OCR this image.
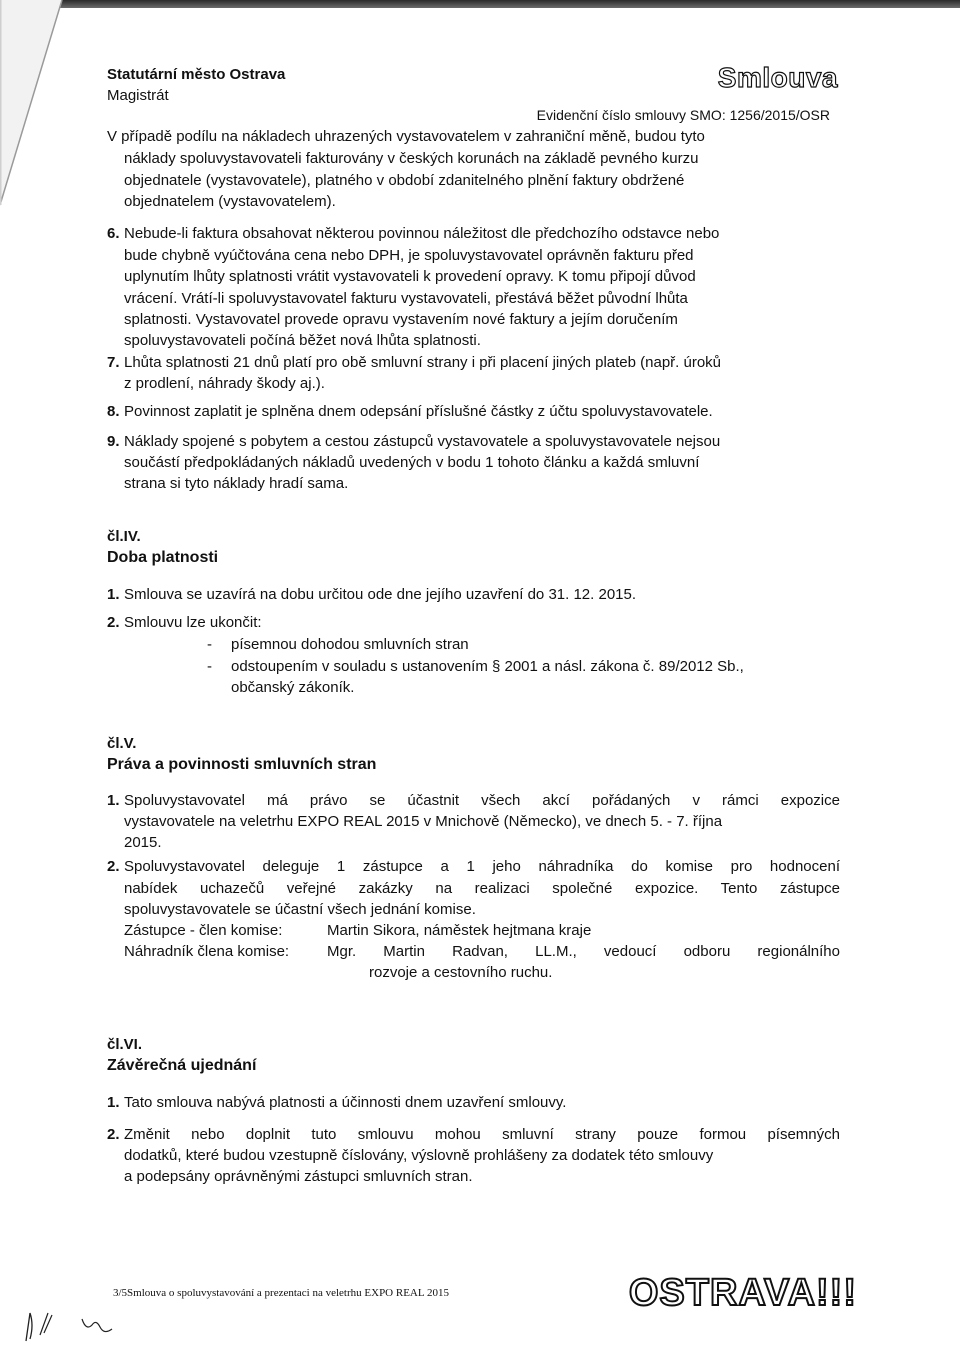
Statutární město Ostrava
Magistrát
Smlouva
Evidenční číslo smlouvy SMO: 1256/2015/OSR
V případě podílu na nákladech uhrazených vystavovatelem v zahraniční měně, budou tyto
náklady spoluvystavovateli fakturovány v českých korunách na základě pevného kurzu
objednatele (vystavovatele), platného v období zdanitelného plnění faktury obdržené
objednatelem (vystavovatelem).
6. Nebude-li faktura obsahovat některou povinnou náležitost dle předchozího odstavce nebo
bude chybně vyúčtována cena nebo DPH, je spoluvystavovatel oprávněn fakturu před
uplynutím lhůty splatnosti vrátit vystavovateli k provedení opravy. K tomu připojí důvod
vrácení. Vrátí-li spoluvystavovatel fakturu vystavovateli, přestává běžet původní lhůta
splatnosti. Vystavovatel provede opravu vystavením nové faktury a jejím doručením
spoluvystavovateli počíná běžet nová lhůta splatnosti.
7. Lhůta splatnosti 21 dnů platí pro obě smluvní strany i při placení jiných plateb (např. úroků
z prodlení, náhrady škody aj.).
8. Povinnost zaplatit je splněna dnem odepsání příslušné částky z účtu spoluvystavovatele.
9. Náklady spojené s pobytem a cestou zástupců vystavovatele a spoluvystavovatele nejsou
součástí předpokládaných nákladů uvedených v bodu 1 tohoto článku a každá smluvní
strana si tyto náklady hradí sama.
čl.IV.
Doba platnosti
1. Smlouva se uzavírá na dobu určitou ode dne jejího uzavření do 31. 12. 2015.
2. Smlouvu lze ukončit:
- písemnou dohodou smluvních stran
- odstoupením v souladu s ustanovením § 2001 a násl. zákona č. 89/2012 Sb.,
občanský zákoník.
čl.V.
Práva a povinnosti smluvních stran
1. Spoluvystavovatel má právo se účastnit všech akcí pořádaných v rámci expozice
vystavovatele na veletrhu EXPO REAL 2015 v Mnichově (Německo), ve dnech 5. - 7. října
2015.
2. Spoluvystavovatel deleguje 1 zástupce a 1 jeho náhradníka do komise pro hodnocení
nabídek uchazečů veřejné zakázky na realizaci společné expozice. Tento zástupce
spoluvystavovatele se účastní všech jednání komise.
Zástupce - člen komise:	Martin Sikora, náměstek hejtmana kraje
Náhradník člena komise:	Mgr. Martin Radvan, LL.M., vedoucí odboru regionálního
rozvoje a cestovního ruchu.
čl.VI.
Závěrečná ujednání
1. Tato smlouva nabývá platnosti a účinnosti dnem uzavření smlouvy.
2. Změnit nebo doplnit tuto smlouvu mohou smluvní strany pouze formou písemných
dodatků, které budou vzestupně číslovány, výslovně prohlášeny za dodatek této smlouvy
a podepsány oprávněnými zástupci smluvních stran.
3/5Smlouva o spoluvystavování a prezentaci na veletrhu EXPO REAL 2015	OSTRAVA!!!
